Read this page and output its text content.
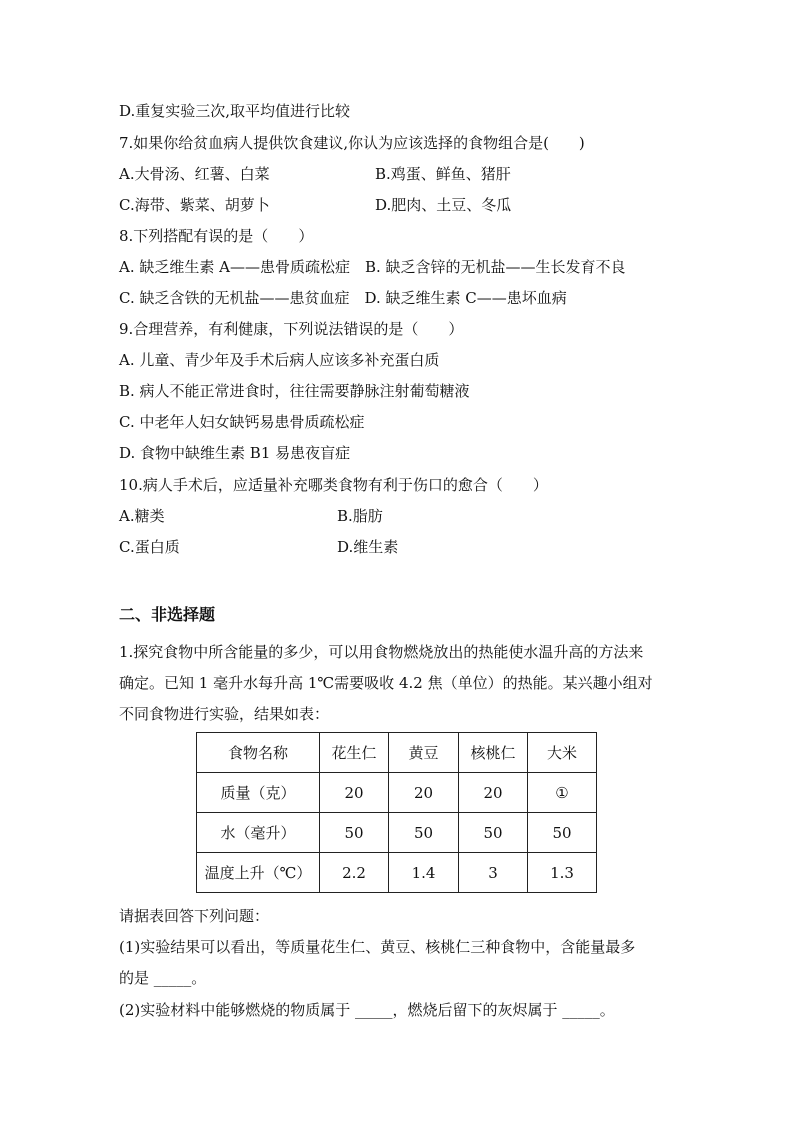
D.重复实验三次,取平均值进行比较
7.如果你给贫血病人提供饮食建议,你认为应该选择的食物组合是(　　)
A.大骨汤、红薯、白菜	B.鸡蛋、鲜鱼、猪肝
C.海带、紫菜、胡萝卜	D.肥肉、土豆、冬瓜
8.下列搭配有误的是（　　）
A. 缺乏维生素 A——患骨质疏松症　B. 缺乏含锌的无机盐——生长发育不良
C. 缺乏含铁的无机盐——患贫血症　D. 缺乏维生素 C——患坏血病
9.合理营养，有利健康，下列说法错误的是（　　）
A. 儿童、青少年及手术后病人应该多补充蛋白质
B. 病人不能正常进食时，往往需要静脉注射葡萄糖液
C. 中老年人妇女缺钙易患骨质疏松症
D. 食物中缺维生素 B1 易患夜盲症
10.病人手术后，应适量补充哪类食物有利于伤口的愈合（　　）
A.糖类	B.脂肪
C.蛋白质	D.维生素
二、非选择题
1.探究食物中所含能量的多少，可以用食物燃烧放出的热能使水温升高的方法来
确定。已知 1 毫升水每升高 1℃需要吸收 4.2 焦（单位）的热能。某兴趣小组对
不同食物进行实验，结果如表：
食物名称	花生仁	黄豆	核桃仁	大米
质量（克）	20	20	20	①
水（毫升）	50	50	50	50
温度上升（℃）	2.2	1.4	3	1.3
请据表回答下列问题：
(1)实验结果可以看出，等质量花生仁、黄豆、核桃仁三种食物中，含能量最多
的是 _____。
(2)实验材料中能够燃烧的物质属于 _____，燃烧后留下的灰烬属于 _____。
